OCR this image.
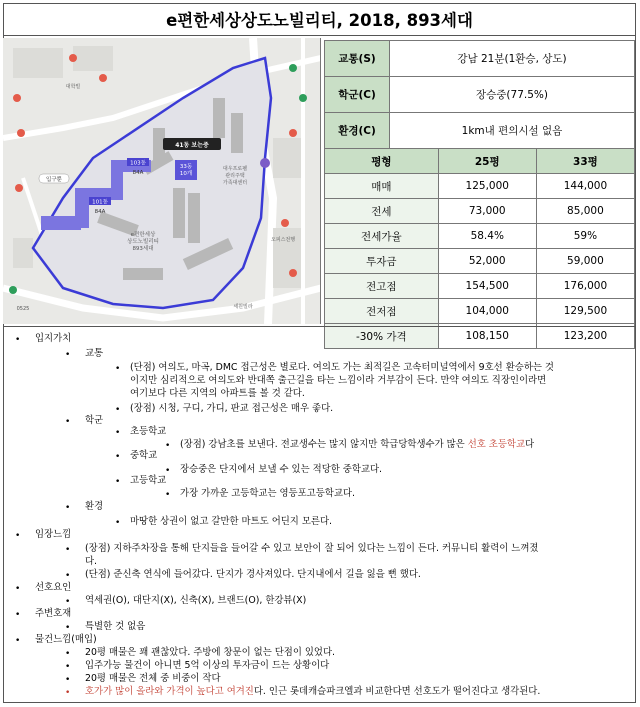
e편한세상상도노빌리티, 2018, 893세대
41동 보는중
33동
10개
103동
84A
101동
84A
입구뿐
e편한세상 상도노빌리티 893세대
대우프로펠 관리주택 가족대센터
오피스전행
세원빌라
대학빌
0525
교통(S)	강남 21분(1환승, 상도)
학군(C)	장승중(77.5%)
환경(C)	1km내 편의시설 없음
평형	25평	33평
매매	125,000	144,000
전세	73,000	85,000
전세가율	58.4%	59%
투자금	52,000	59,000
전고점	154,500	176,000
전저점	104,000	129,500
-30% 가격	108,150	123,200
• 입지가치
• 교통
• (단점) 여의도, 마곡, DMC 접근성은 별로다. 여의도 가는 최적길은 고속터미널역에서 9호선 환승하는 것
이지만 심리적으로 여의도와 반대쪽 출근길을 타는 느낌이라 거부감이 든다. 만약 여의도 직장인이라면
여기보다 다른 지역의 아파트를 볼 것 같다.
• (장점) 시청, 구디, 가디, 판교 접근성은 매우 좋다.
• 학군
• 초등학교
• (장점) 강남초를 보낸다. 전교생수는 많지 않지만 학급당학생수가 많은 선호 초등학교다
• 중학교
• 장승중은 단지에서 보낼 수 있는 적당한 중학교다.
• 고등학교
• 가장 가까운 고등학교는 영등포고등학교다.
• 환경
• 마땅한 상권이 없고 갈만한 마트도 어딘지 모른다.
• 임장느낌
• (장점) 지하주차장을 통해 단지들을 들어갈 수 있고 보안이 잘 되어 있다는 느낌이 든다. 커뮤니티 활력이 느껴졌
다.
• (단점) 준신축 연식에 들어갔다. 단지가 경사져있다. 단지내에서 길을 잃을 뻔 했다.
• 선호요인
• 역세권(O), 대단지(X), 신축(X), 브랜드(O), 한강뷰(X)
• 주변호재
• 특별한 것 없음
• 물건느낌(매입)
• 20평 매물은 꽤 괜찮았다. 주방에 창문이 없는 단점이 있었다.
• 입주가능 물건이 아니면 5억 이상의 투자금이 드는 상황이다
• 20평 매물은 전체 중 비중이 작다
• 호가가 많이 올라와 가격이 높다고 여겨진다. 인근 롯데캐슬파크엘과 비교한다면 선호도가 떨어진다고 생각된다.
